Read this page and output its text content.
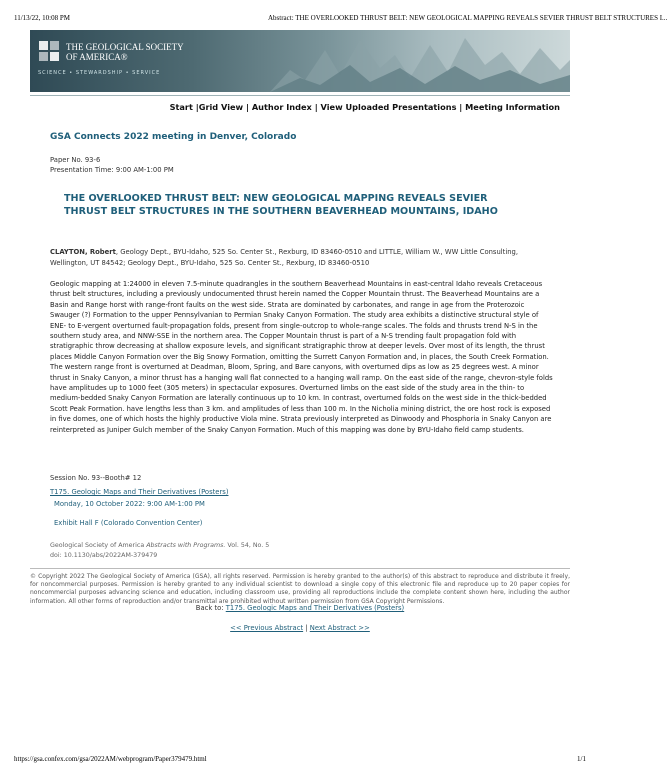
11/13/22, 10:08 PM	Abstract: THE OVERLOOKED THRUST BELT: NEW GEOLOGICAL MAPPING REVEALS SEVIER THRUST BELT STRUCTURES I...
THE GEOLOGICAL SOCIETY
OF AMERICA®
SCIENCE • STEWARDSHIP • SERVICE
Start |Grid View | Author Index | View Uploaded Presentations | Meeting Information
GSA Connects 2022 meeting in Denver, Colorado
Paper No. 93-6
Presentation Time: 9:00 AM-1:00 PM
THE OVERLOOKED THRUST BELT: NEW GEOLOGICAL MAPPING REVEALS SEVIER THRUST BELT STRUCTURES IN THE SOUTHERN BEAVERHEAD MOUNTAINS, IDAHO
CLAYTON, Robert, Geology Dept., BYU-Idaho, 525 So. Center St., Rexburg, ID 83460-0510 and LITTLE, William W., WW Little Consulting, Wellington, UT 84542; Geology Dept., BYU-Idaho, 525 So. Center St., Rexburg, ID 83460-0510
Geologic mapping at 1:24000 in eleven 7.5-minute quadrangles in the southern Beaverhead Mountains in east-central Idaho reveals Cretaceous thrust belt structures, including a previously undocumented thrust herein named the Copper Mountain thrust. The Beaverhead Mountains are a Basin and Range horst with range-front faults on the west side. Strata are dominated by carbonates, and range in age from the Proterozoic Swauger (?) Formation to the upper Pennsylvanian to Permian Snaky Canyon Formation. The study area exhibits a distinctive structural style of ENE- to E-vergent overturned fault-propagation folds, present from single-outcrop to whole-range scales. The folds and thrusts trend N-S in the southern study area, and NNW-SSE in the northern area. The Copper Mountain thrust is part of a N-S trending fault propagation fold with stratigraphic throw decreasing at shallow exposure levels, and significant stratigraphic throw at deeper levels. Over most of its length, the thrust places Middle Canyon Formation over the Big Snowy Formation, omitting the Surrett Canyon Formation and, in places, the South Creek Formation. The western range front is overturned at Deadman, Bloom, Spring, and Bare canyons, with overturned dips as low as 25 degrees west. A minor thrust in Snaky Canyon, a minor thrust has a hanging wall flat connected to a hanging wall ramp. On the east side of the range, chevron-style folds have amplitudes up to 1000 feet (305 meters) in spectacular exposures. Overturned limbs on the east side of the study area in the thin- to medium-bedded Snaky Canyon Formation are laterally continuous up to 10 km. In contrast, overturned folds on the west side in the thick-bedded Scott Peak Formation. have lengths less than 3 km. and amplitudes of less than 100 m. In the Nicholia mining district, the ore host rock is exposed in five domes, one of which hosts the highly productive Viola mine. Strata previously interpreted as Dinwoody and Phosphoria in Snaky Canyon are reinterpreted as Juniper Gulch member of the Snaky Canyon Formation. Much of this mapping was done by BYU-Idaho field camp students.
Session No. 93--Booth# 12
T175. Geologic Maps and Their Derivatives (Posters)
Monday, 10 October 2022: 9:00 AM-1:00 PM
Exhibit Hall F (Colorado Convention Center)
Geological Society of America Abstracts with Programs. Vol. 54, No. 5
doi: 10.1130/abs/2022AM-379479
© Copyright 2022 The Geological Society of America (GSA), all rights reserved. Permission is hereby granted to the author(s) of this abstract to reproduce and distribute it freely, for noncommercial purposes. Permission is hereby granted to any individual scientist to download a single copy of this electronic file and reproduce up to 20 paper copies for noncommercial purposes advancing science and education, including classroom use, providing all reproductions include the complete content shown here, including the author information. All other forms of reproduction and/or transmittal are prohibited without written permission from GSA Copyright Permissions.
Back to: T175. Geologic Maps and Their Derivatives (Posters)
<< Previous Abstract | Next Abstract >>
https://gsa.confex.com/gsa/2022AM/webprogram/Paper379479.html	1/1
